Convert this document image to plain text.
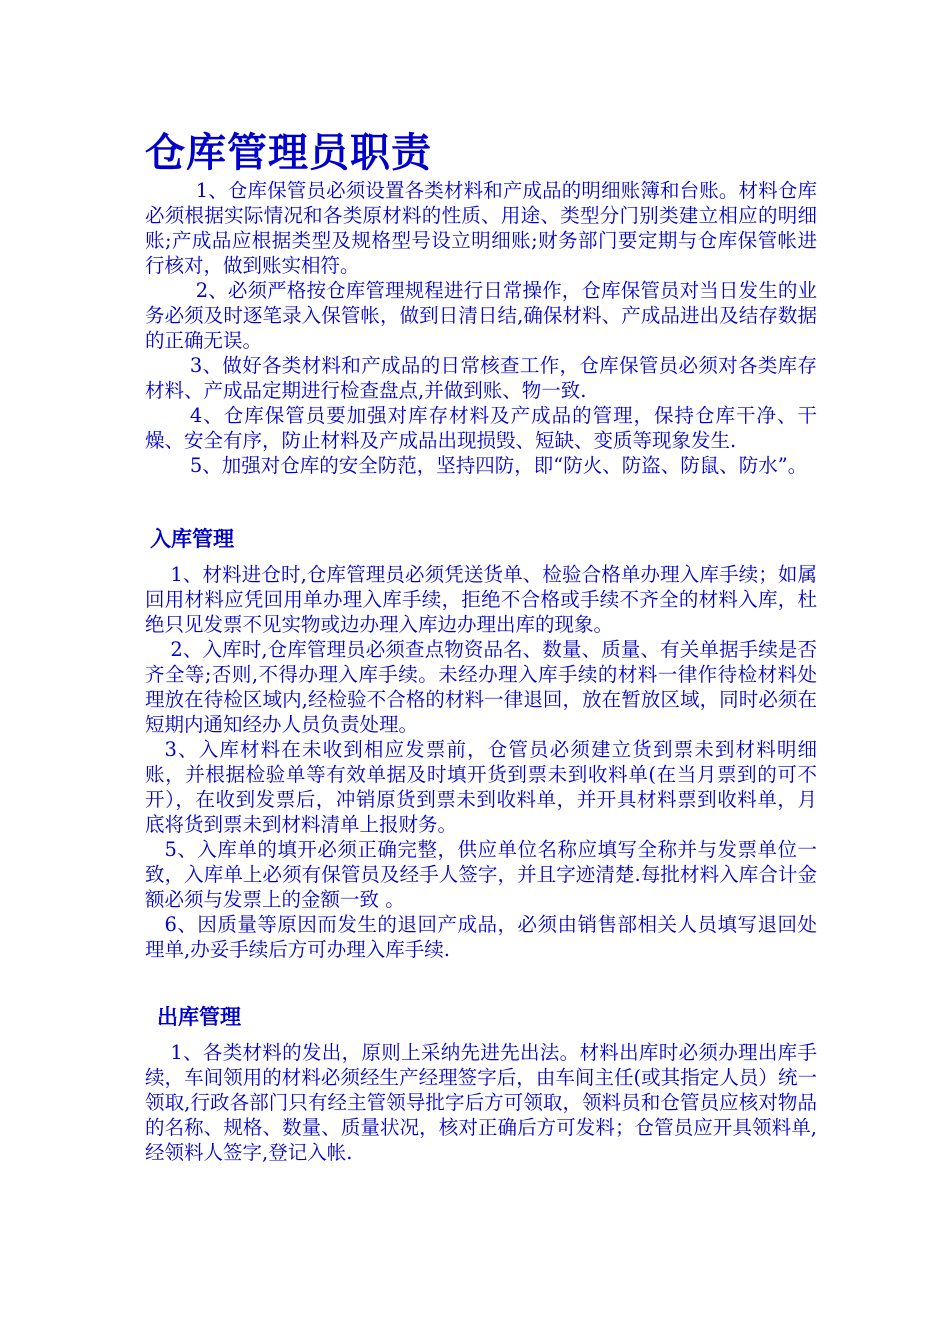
仓库管理员职责

1、仓库保管员必须设置各类材料和产成品的明细账簿和台账。材料仓库必须根据实际情况和各类原材料的性质、用途、类型分门别类建立相应的明细账;产成品应根据类型及规格型号设立明细账;财务部门要定期与仓库保管帐进行核对，做到账实相符。

2、必须严格按仓库管理规程进行日常操作，仓库保管员对当日发生的业务必须及时逐笔录入保管帐，做到日清日结,确保材料、产成品进出及结存数据的正确无误。

3、做好各类材料和产成品的日常核查工作，仓库保管员必须对各类库存材料、产成品定期进行检查盘点,并做到账、物一致.

4、仓库保管员要加强对库存材料及产成品的管理，保持仓库干净、干燥、安全有序，防止材料及产成品出现损毁、短缺、变质等现象发生.

5、加强对仓库的安全防范，坚持四防，即“防火、防盗、防鼠、防水”。

入库管理

1、材料进仓时,仓库管理员必须凭送货单、检验合格单办理入库手续；如属回用材料应凭回用单办理入库手续，拒绝不合格或手续不齐全的材料入库，杜绝只见发票不见实物或边办理入库边办理出库的现象。

2、入库时,仓库管理员必须查点物资品名、数量、质量、有关单据手续是否齐全等;否则,不得办理入库手续。未经办理入库手续的材料一律作待检材料处理放在待检区域内,经检验不合格的材料一律退回，放在暂放区域，同时必须在短期内通知经办人员负责处理。

3、入库材料在未收到相应发票前，仓管员必须建立货到票未到材料明细账，并根据检验单等有效单据及时填开货到票未到收料单(在当月票到的可不开），在收到发票后，冲销原货到票未到收料单，并开具材料票到收料单，月底将货到票未到材料清单上报财务。

5、入库单的填开必须正确完整，供应单位名称应填写全称并与发票单位一致，入库单上必须有保管员及经手人签字，并且字迹清楚.每批材料入库合计金额必须与发票上的金额一致 。

6、因质量等原因而发生的退回产成品，必须由销售部相关人员填写退回处理单,办妥手续后方可办理入库手续.

出库管理

1、各类材料的发出，原则上采纳先进先出法。材料出库时必须办理出库手续，车间领用的材料必须经生产经理签字后，由车间主任(或其指定人员）统一领取,行政各部门只有经主管领导批字后方可领取，领料员和仓管员应核对物品的名称、规格、数量、质量状况，核对正确后方可发料；仓管员应开具领料单,经领料人签字,登记入帐.
